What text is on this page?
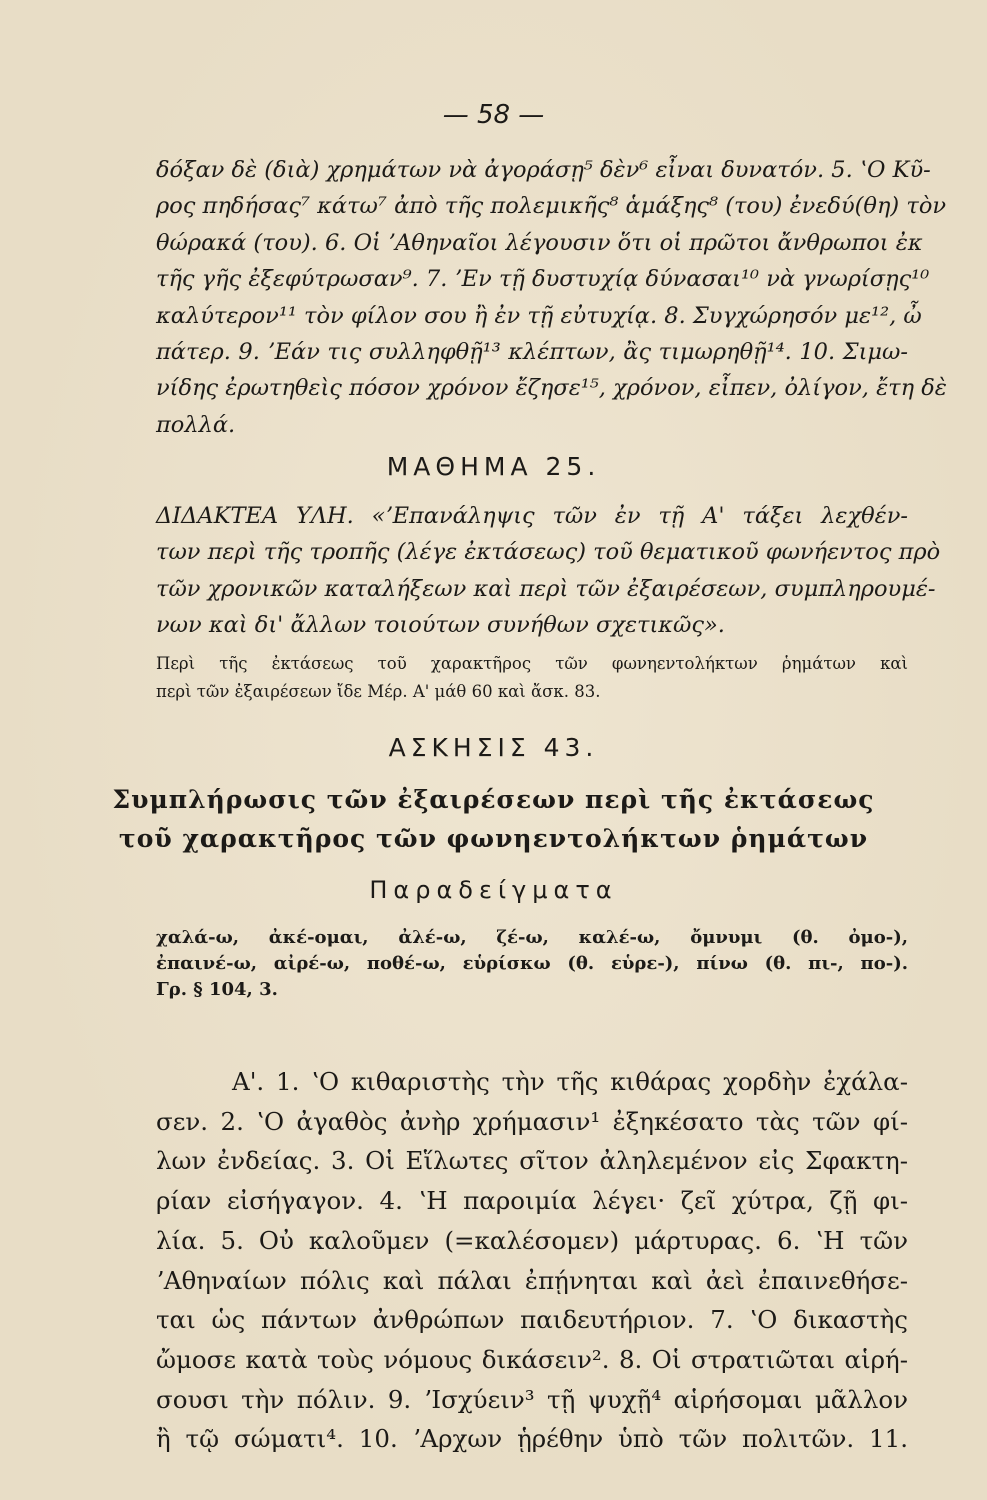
— 58 —
δόξαν δὲ (διὰ) χρημάτων νὰ ἀγοράσῃ⁵ δὲν⁶ εἶναι δυνατόν. 5. ʽΟ Κῦ-
ρος πηδήσας⁷ κάτω⁷ ἀπὸ τῆς πολεμικῆς⁸ ἁμάξης⁸ (του) ἐνεδύ(θη) τὸν
θώρακά (του). 6. Οἱ ʼΑθηναῖοι λέγουσιν ὅτι οἱ πρῶτοι ἄνθρωποι ἐκ
τῆς γῆς ἐξεφύτρωσαν⁹. 7. ʼΕν τῇ δυστυχίᾳ δύνασαι¹⁰ νὰ γνωρίσῃς¹⁰
καλύτερον¹¹ τὸν φίλον σου ἢ ἐν τῇ εὐτυχίᾳ. 8. Συγχώρησόν με¹², ὦ
πάτερ. 9. ʼΕάν τις συλληφθῇ¹³ κλέπτων, ἂς τιμωρηθῇ¹⁴. 10. Σιμω-
νίδης ἐρωτηθεὶς πόσον χρόνον ἔζησε¹⁵, χρόνον, εἶπεν, ὀλίγον, ἔτη δὲ
πολλά.
ΜΑΘΗΜΑ 25.
ΔΙΔΑΚΤΕΑ ΥΛΗ. «ʼΕπανάληψις τῶν ἐν τῇ Α' τάξει λεχθέν-
των περὶ τῆς τροπῆς (λέγε ἐκτάσεως) τοῦ θεματικοῦ φωνήεντος πρὸ
τῶν χρονικῶν καταλήξεων καὶ περὶ τῶν ἐξαιρέσεων, συμπληρουμέ-
νων καὶ δι' ἄλλων τοιούτων συνήθων σχετικῶς».
Περὶ τῆς ἐκτάσεως τοῦ χαρακτῆρος τῶν φωνηεντολήκτων ῥημάτων καὶ
περὶ τῶν ἐξαιρέσεων ἴδε Μέρ. Α' μάθ 60 καὶ ἄσκ. 83.
ΑΣΚΗΣΙΣ 43.
Συμπλήρωσις τῶν ἐξαιρέσεων περὶ τῆς ἐκτάσεως
τοῦ χαρακτῆρος τῶν φωνηεντολήκτων ῥημάτων
Παραδείγματα
χαλά-ω, ἀκέ-ομαι, ἀλέ-ω, ζέ-ω, καλέ-ω, ὄμνυμι (θ. ὀμο-),
ἐπαινέ-ω, αἰρέ-ω, ποθέ-ω, εὑρίσκω (θ. εὑρε-), πίνω (θ. πι-, πο-).
Γρ. § 104, 3.
Α'. 1. ʽΟ κιθαριστὴς τὴν τῆς κιθάρας χορδὴν ἐχάλα-
σεν. 2. ʽΟ ἀγαθὸς ἀνὴρ χρήμασιν¹ ἐξηκέσατο τὰς τῶν φί-
λων ἐνδείας. 3. Οἱ Εἵλωτες σῖτον ἀληλεμένον εἰς Σφακτη-
ρίαν εἰσήγαγον. 4. ʽΗ παροιμία λέγει· ζεῖ χύτρα, ζῇ φι-
λία. 5. Οὐ καλοῦμεν (=καλέσομεν) μάρτυρας. 6. ʽΗ τῶν
ʼΑθηναίων πόλις καὶ πάλαι ἐπῄνηται καὶ ἀεὶ ἐπαινεθήσε-
ται ὡς πάντων ἀνθρώπων παιδευτήριον. 7. ʽΟ δικαστὴς
ὤμοσε κατὰ τοὺς νόμους δικάσειν². 8. Οἱ στρατιῶται αἱρή-
σουσι τὴν πόλιν. 9. ʼΙσχύειν³ τῇ ψυχῇ⁴ αἱρήσομαι μᾶλλον
ἢ τῷ σώματι⁴. 10. ʼΑρχων ᾑρέθην ὑπὸ τῶν πολιτῶν. 11.
